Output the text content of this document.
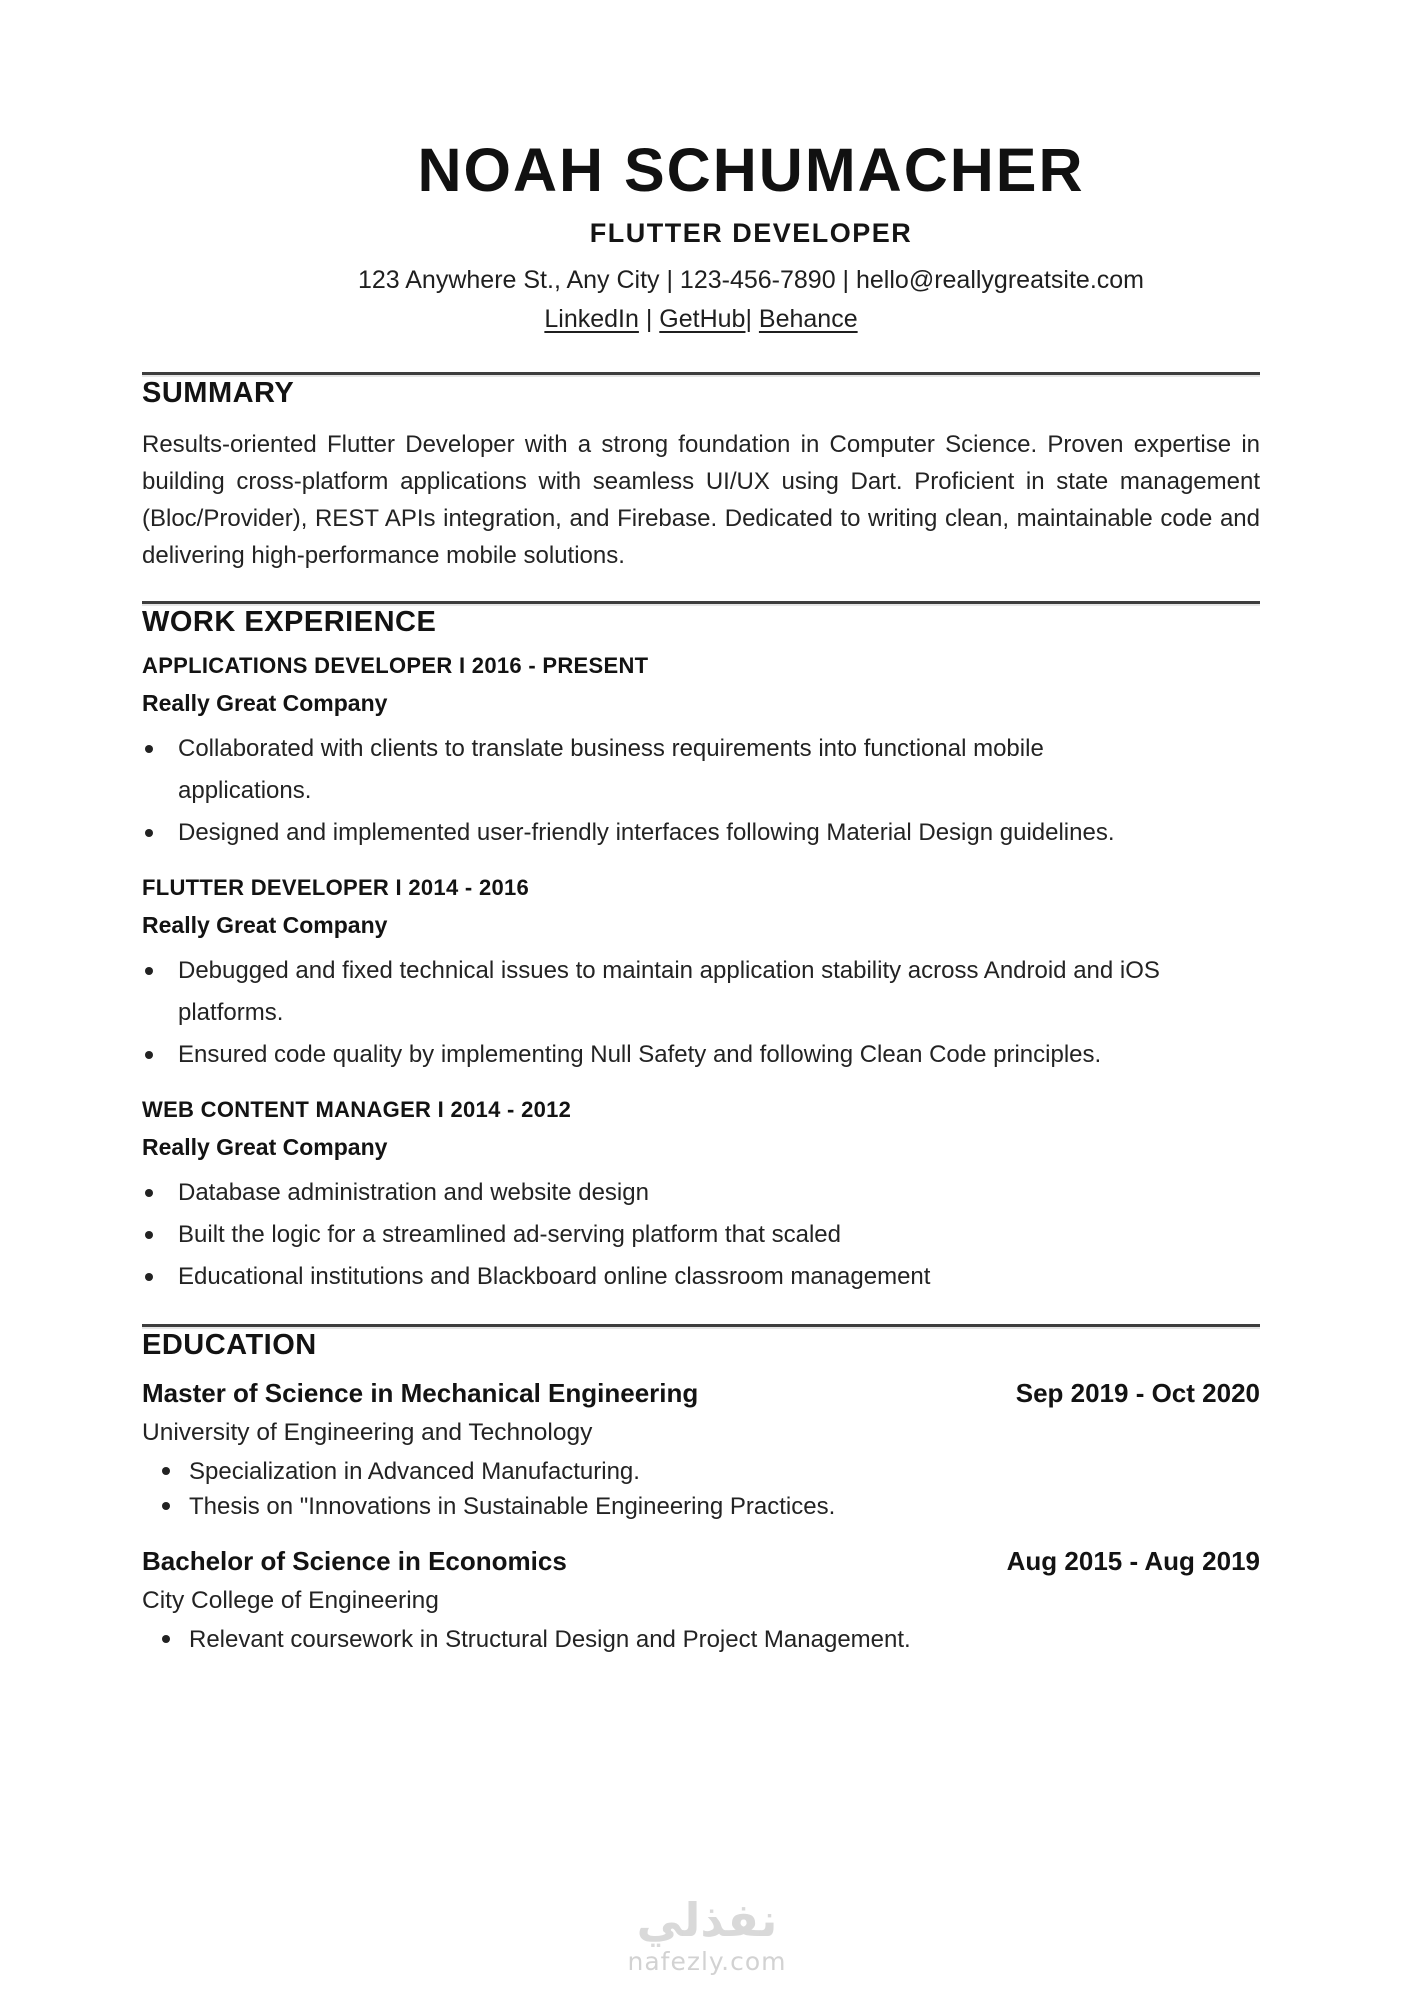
NOAH SCHUMACHER
FLUTTER DEVELOPER
123 Anywhere St., Any City | 123-456-7890 | hello@reallygreatsite.com
LinkedIn | GetHub| Behance
SUMMARY

Results-oriented Flutter Developer with a strong foundation in Computer Science. Proven expertise in building cross-platform applications with seamless UI/UX using Dart. Proficient in state management (Bloc/Provider), REST APIs integration, and Firebase. Dedicated to writing clean, maintainable code and delivering high-performance mobile solutions.

WORK EXPERIENCE
APPLICATIONS DEVELOPER I 2016 - PRESENT
Really Great Company
Collaborated with clients to translate business requirements into functional mobile applications.
Designed and implemented user-friendly interfaces following Material Design guidelines.
FLUTTER DEVELOPER I 2014 - 2016
Really Great Company
Debugged and fixed technical issues to maintain application stability across Android and iOS platforms.
Ensured code quality by implementing Null Safety and following Clean Code principles.
WEB CONTENT MANAGER I 2014 - 2012
Really Great Company
Database administration and website design
Built the logic for a streamlined ad-serving platform that scaled
Educational institutions and Blackboard online classroom management
EDUCATION
Master of Science in Mechanical Engineering	Sep 2019 - Oct 2020
University of Engineering and Technology
Specialization in Advanced Manufacturing.
Thesis on "Innovations in Sustainable Engineering Practices.
Bachelor of Science in Economics	Aug 2015 - Aug 2019
City College of Engineering
Relevant coursework in Structural Design and Project Management.
نفذلي
nafezly.com
